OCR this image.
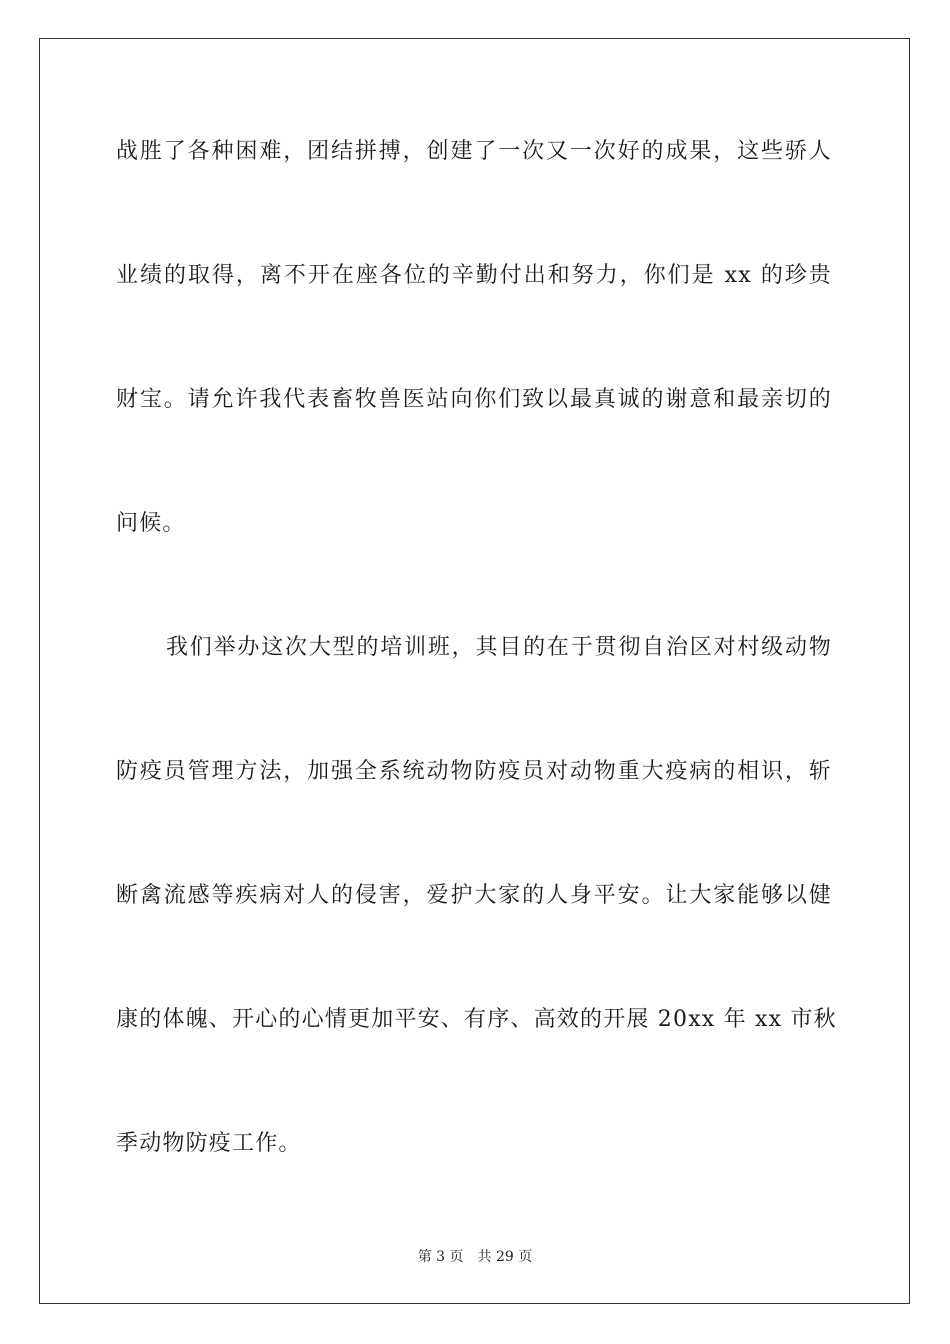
战胜了各种困难，团结拼搏，创建了一次又一次好的成果，这些骄人
业绩的取得，离不开在座各位的辛勤付出和努力，你们是 xx 的珍贵
财宝。请允许我代表畜牧兽医站向你们致以最真诚的谢意和最亲切的
问候。
我们举办这次大型的培训班，其目的在于贯彻自治区对村级动物
防疫员管理方法，加强全系统动物防疫员对动物重大疫病的相识，斩
断禽流感等疾病对人的侵害，爱护大家的人身平安。让大家能够以健
康的体魄、开心的心情更加平安、有序、高效的开展 20xx 年 xx 市秋
季动物防疫工作。
第 3 页 共 29 页
